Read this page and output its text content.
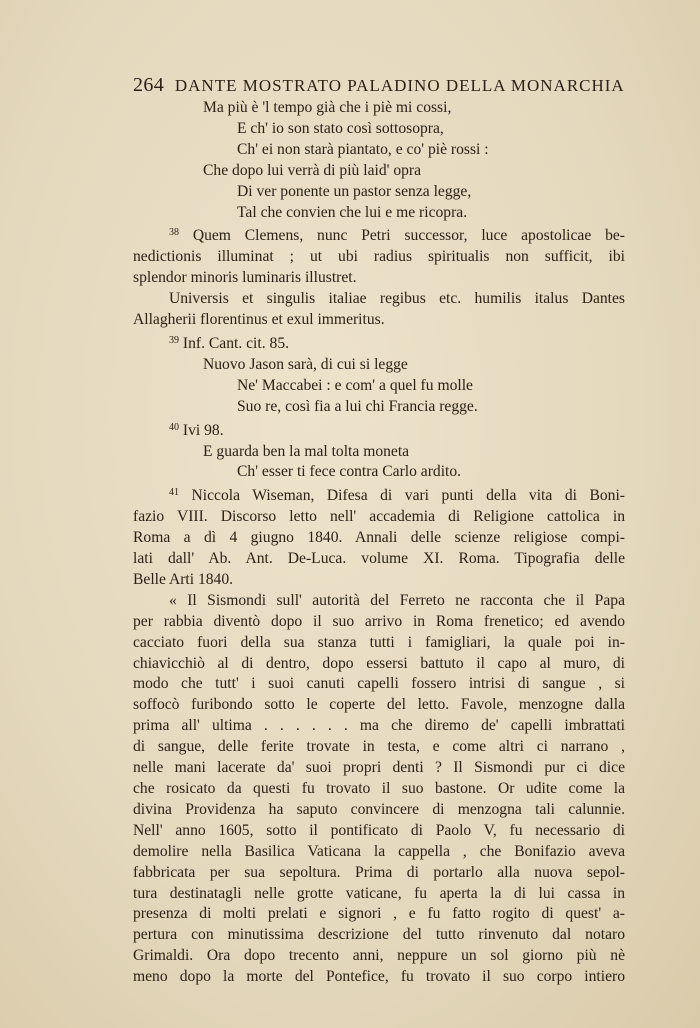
264 DANTE MOSTRATO PALADINO DELLA MONARCHIA
Ma più è 'l tempo già che i piè mi cossi,
E ch' io son stato così sottosopra,
Ch' ei non starà piantato, e co' piè rossi :
Che dopo lui verrà di più laid' opra
Di ver ponente un pastor senza legge,
Tal che convien che lui e me ricopra.
$^{38}$ Quem Clemens, nunc Petri successor, luce apostolicae be-
nedictionis illuminat ; ut ubi radius spiritualis non sufficit, ibi
splendor minoris luminaris illustret.
Universis et singulis italiae regibus etc. humilis italus Dantes
Allagherii florentinus et exul immeritus.
$^{39}$ Inf. Cant. cit. 85.
Nuovo Jason sarà, di cui si legge
Ne' Maccabei : e com' a quel fu molle
Suo re, così fia a lui chi Francia regge.
$^{40}$ Ivi 98.
E guarda ben la mal tolta moneta
Ch' esser ti fece contra Carlo ardito.
$^{41}$ Niccola Wiseman, Difesa di vari punti della vita di Boni-
fazio VIII. Discorso letto nell' accademia di Religione cattolica in
Roma a dì 4 giugno 1840. Annali delle scienze religiose compi-
lati dall' Ab. Ant. De-Luca. volume XI. Roma. Tipografia delle
Belle Arti 1840.
« Il Sismondi sull' autorità del Ferreto ne racconta che il Papa
per rabbia diventò dopo il suo arrivo in Roma frenetico; ed avendo
cacciato fuori della sua stanza tutti i famigliari, la quale poi in-
chiavicchiò al di dentro, dopo essersi battuto il capo al muro, di
modo che tutt' i suoi canuti capelli fossero intrisi di sangue , si
soffocò furibondo sotto le coperte del letto. Favole, menzogne dalla
prima all' ultima . . . . . . ma che diremo de' capelli imbrattati
di sangue, delle ferite trovate in testa, e come altri ci narrano ,
nelle mani lacerate da' suoi propri denti ? Il Sismondi pur ci dice
che rosicato da questi fu trovato il suo bastone. Or udite come la
divina Providenza ha saputo convincere di menzogna tali calunnie.
Nell' anno 1605, sotto il pontificato di Paolo V, fu necessario di
demolire nella Basilica Vaticana la cappella , che Bonifazio aveva
fabbricata per sua sepoltura. Prima di portarlo alla nuova sepol-
tura destinatagli nelle grotte vaticane, fu aperta la di lui cassa in
presenza di molti prelati e signori , e fu fatto rogito di quest' a-
pertura con minutissima descrizione del tutto rinvenuto dal notaro
Grimaldi. Ora dopo trecento anni, neppure un sol giorno più nè
meno dopo la morte del Pontefice, fu trovato il suo corpo intiero
